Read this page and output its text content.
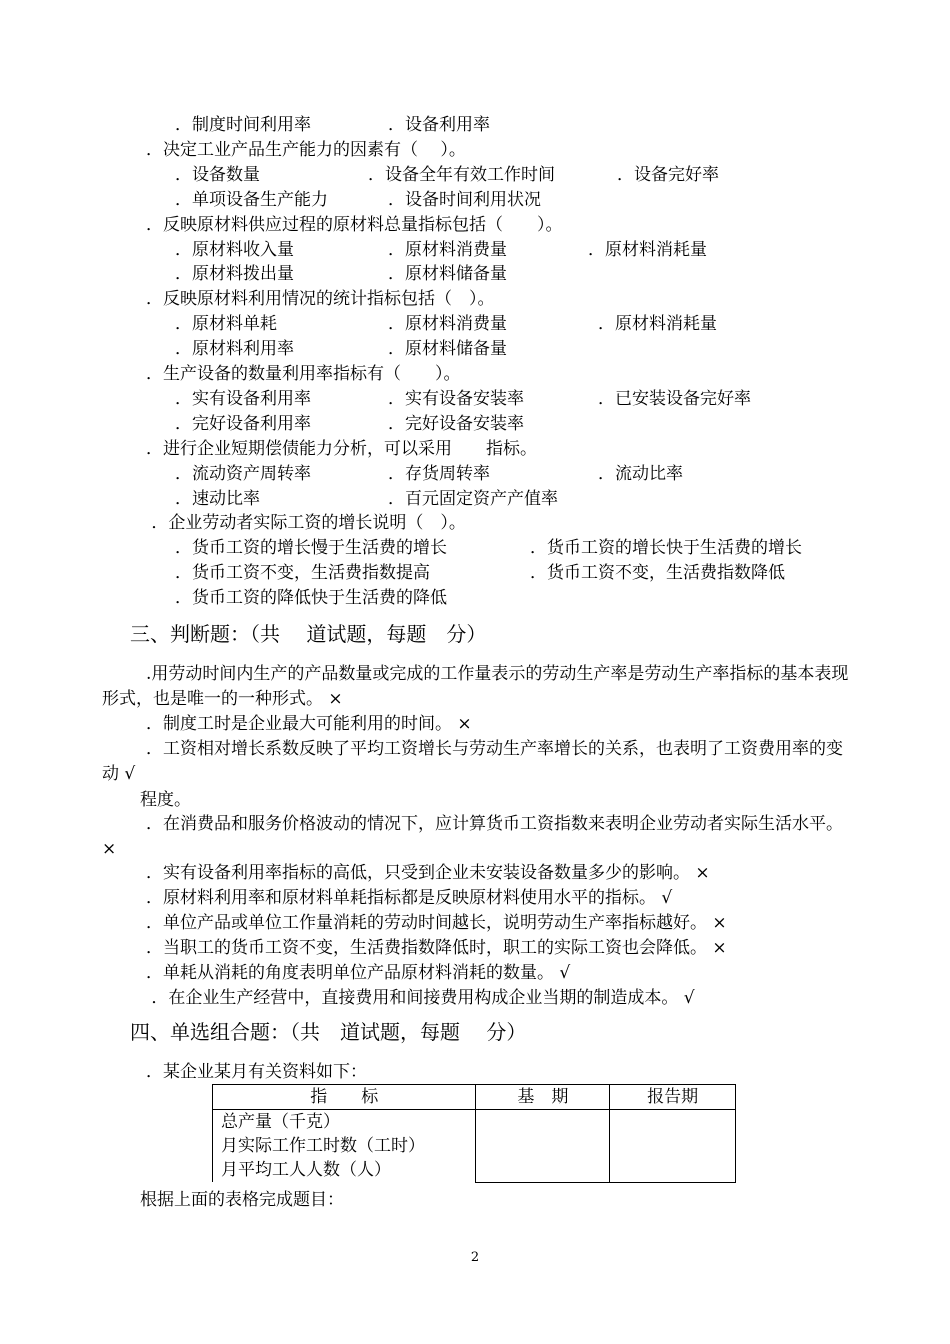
．制度时间利用率	．设备利用率
．决定工业产品生产能力的因素有（　 ）。
．设备数量	．设备全年有效工作时间	．设备完好率
．单项设备生产能力	．设备时间利用状况
．反映原材料供应过程的原材料总量指标包括（　　）。
．原材料收入量	．原材料消费量	．原材料消耗量
．原材料拨出量	．原材料储备量
．反映原材料利用情况的统计指标包括（　）。
．原材料单耗	．原材料消费量	．原材料消耗量
．原材料利用率	．原材料储备量
．生产设备的数量利用率指标有（　　）。
．实有设备利用率	．实有设备安装率	．已安装设备完好率
．完好设备利用率	．完好设备安装率
．进行企业短期偿债能力分析，可以采用　　指标。
．流动资产周转率	．存货周转率	．流动比率
．速动比率	．百元固定资产产值率
．企业劳动者实际工资的增长说明（　）。
．货币工资的增长慢于生活费的增长	．货币工资的增长快于生活费的增长
．货币工资不变，生活费指数提高	．货币工资不变，生活费指数降低
．货币工资的降低快于生活费的降低
三、判断题：（共　 道试题，每题　分）
.用劳动时间内生产的产品数量或完成的工作量表示的劳动生产率是劳动生产率指标的基本表现形式，也是唯一的一种形式。 ×
．制度工时是企业最大可能利用的时间。 ×
．工资相对增长系数反映了平均工资增长与劳动生产率增长的关系，也表明了工资费用率的变动 √
程度。
．在消费品和服务价格波动的情况下，应计算货币工资指数来表明企业劳动者实际生活水平。 ×
．实有设备利用率指标的高低，只受到企业未安装设备数量多少的影响。 ×
．原材料利用率和原材料单耗指标都是反映原材料使用水平的指标。 √
．单位产品或单位工作量消耗的劳动时间越长，说明劳动生产率指标越好。 ×
．当职工的货币工资不变，生活费指数降低时，职工的实际工资也会降低。 ×
．单耗从消耗的角度表明单位产品原材料消耗的数量。 √
．在企业生产经营中，直接费用和间接费用构成企业当期的制造成本。 √
四、单选组合题：（共　道试题，每题　 分）
．某企业某月有关资料如下：
指　　标	基　期	报告期

总产量（千克）
月实际工作工时数（工时）
月平均工人人数（人）		

根据上面的表格完成题目：
2
